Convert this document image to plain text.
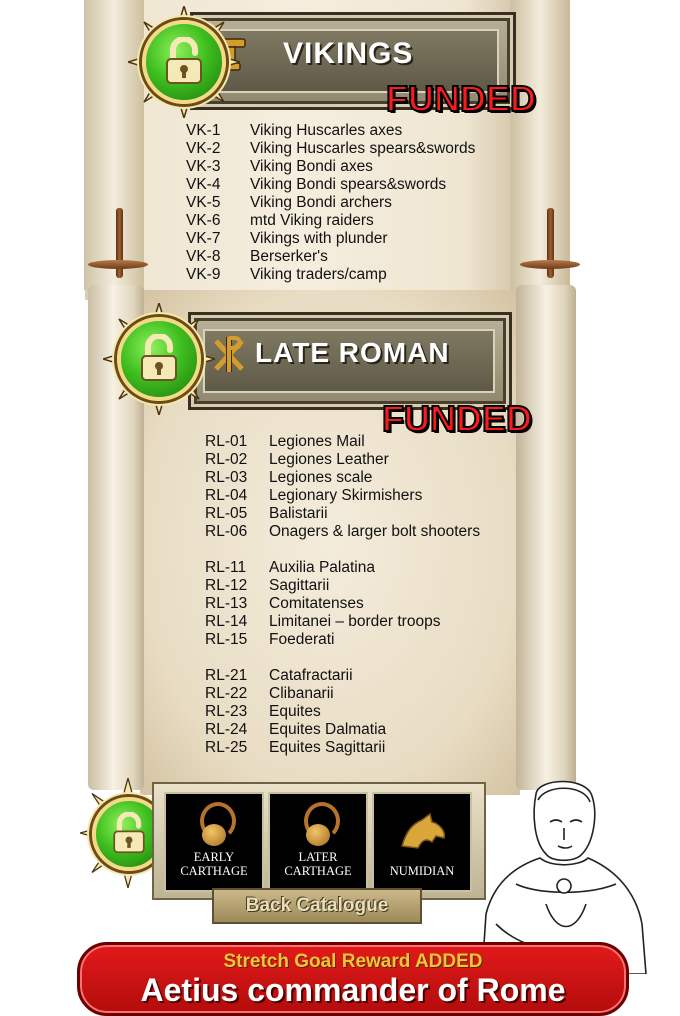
VIKINGS
FUNDED
VK-1	Viking Huscarles axes
VK-2	Viking Huscarles spears&swords
VK-3	Viking Bondi axes
VK-4	Viking Bondi spears&swords
VK-5	Viking Bondi archers
VK-6	mtd Viking raiders
VK-7	Vikings with plunder
VK-8	Berserker's
VK-9	Viking traders/camp
LATE ROMAN
FUNDED
RL-01	Legiones Mail
RL-02	Legiones Leather
RL-03	Legiones scale
RL-04	Legionary Skirmishers
RL-05	Balistarii
RL-06	Onagers & larger bolt shooters
RL-11	Auxilia Palatina
RL-12	Sagittarii
RL-13	Comitatenses
RL-14	Limitanei – border troops
RL-15	Foederati
RL-21	Catafractarii
RL-22	Clibanarii
RL-23	Equites
RL-24	Equites Dalmatia
RL-25	Equites Sagittarii
EARLY
CARTHAGE
LATER
CARTHAGE	NUMIDIAN
Back Catalogue
Stretch Goal Reward ADDED
Aetius commander of Rome
